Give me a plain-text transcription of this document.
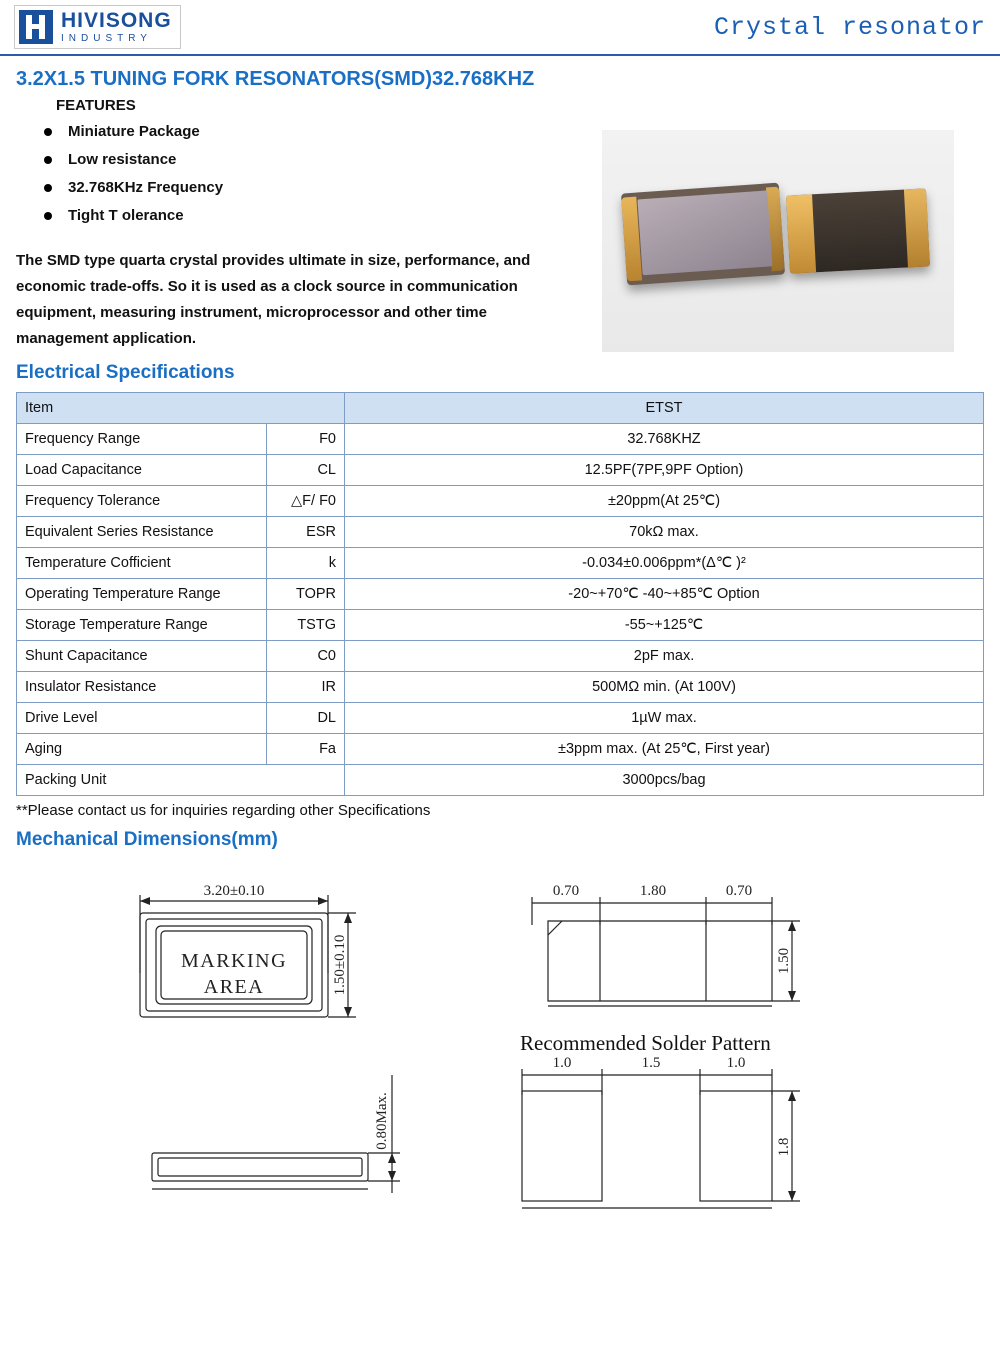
HIVISONG
INDUSTRY	Crystal resonator
3.2X1.5 TUNING FORK RESONATORS(SMD)32.768KHZ
FEATURES
Miniature Package
Low resistance
32.768KHz Frequency
Tight T olerance
The SMD type quarta crystal provides ultimate in size, performance, and economic trade-offs. So it is used as a clock source in communication equipment, measuring instrument, microprocessor and other time management application.
Electrical Specifications
Item		ETST
Frequency Range	F0	32.768KHZ
Load Capacitance	CL	12.5PF(7PF,9PF Option)
Frequency Tolerance	△F/ F0	±20ppm(At 25℃)
Equivalent Series Resistance	ESR	70kΩ max.
Temperature Cofficient	k	-0.034±0.006ppm*(Δ℃ )²
Operating Temperature Range	TOPR	-20~+70℃ -40~+85℃ Option
Storage Temperature Range	TSTG	-55~+125℃
Shunt Capacitance	C0	2pF max.
Insulator Resistance	IR	500MΩ min. (At 100V)
Drive Level	DL	1µW max.
Aging	Fa	±3ppm max. (At 25℃, First year)
Packing Unit		3000pcs/bag
**Please contact us for inquiries regarding other Specifications
Mechanical Dimensions(mm)
3.20±0.10
MARKING
AREA	1.50±0.10
0.70	1.80	0.70
1.50
0.80Max.
1.0	1.5	1.0
1.8
Recommended Solder Pattern
